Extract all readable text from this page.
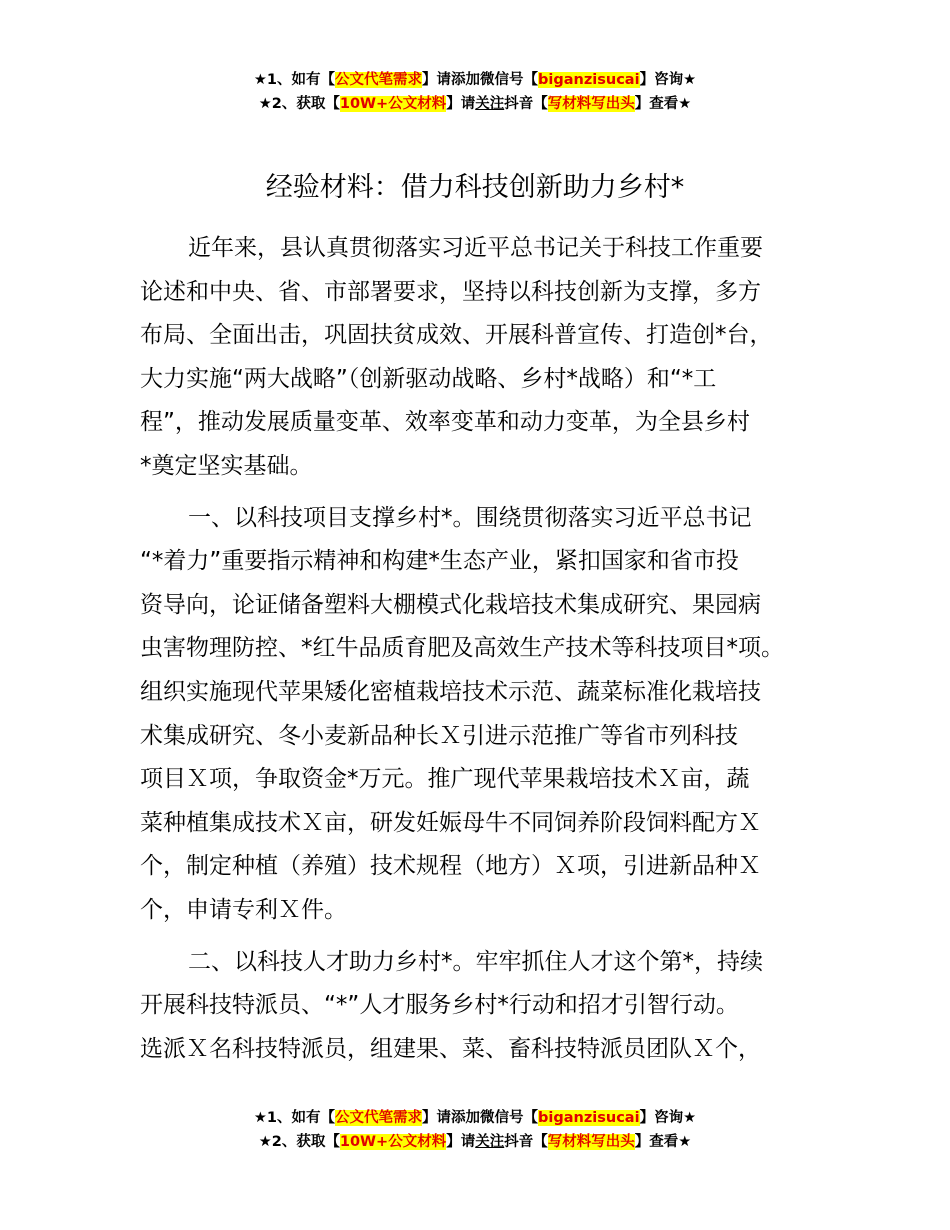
★1、如有【公文代笔需求】请添加微信号【biganzisucai】咨询★
★2、获取【10W+公文材料】请关注抖音【写材料写出头】查看★
经验材料：借力科技创新助力乡村*

近年来，县认真贯彻落实习近平总书记关于科技工作重要
论述和中央、省、市部署要求，坚持以科技创新为支撑，多方
布局、全面出击，巩固扶贫成效、开展科普宣传、打造创*台，
大力实施“两大战略”（创新驱动战略、乡村*战略）和“*工
程”，推动发展质量变革、效率变革和动力变革，为全县乡村
*奠定坚实基础。

一、以科技项目支撑乡村*。围绕贯彻落实习近平总书记
“*着力”重要指示精神和构建*生态产业，紧扣国家和省市投
资导向，论证储备塑料大棚模式化栽培技术集成研究、果园病
虫害物理防控、*红牛品质育肥及高效生产技术等科技项目*项。
组织实施现代苹果矮化密植栽培技术示范、蔬菜标准化栽培技
术集成研究、冬小麦新品种长Ｘ引进示范推广等省市列科技
项目Ｘ项，争取资金*万元。推广现代苹果栽培技术Ｘ亩，蔬
菜种植集成技术Ｘ亩，研发妊娠母牛不同饲养阶段饲料配方Ｘ
个，制定种植（养殖）技术规程（地方）Ｘ项，引进新品种Ｘ
个，申请专利Ｘ件。

二、以科技人才助力乡村*。牢牢抓住人才这个第*，持续
开展科技特派员、“*”人才服务乡村*行动和招才引智行动。
选派Ｘ名科技特派员，组建果、菜、畜科技特派员团队Ｘ个，

★1、如有【公文代笔需求】请添加微信号【biganzisucai】咨询★
★2、获取【10W+公文材料】请关注抖音【写材料写出头】查看★
